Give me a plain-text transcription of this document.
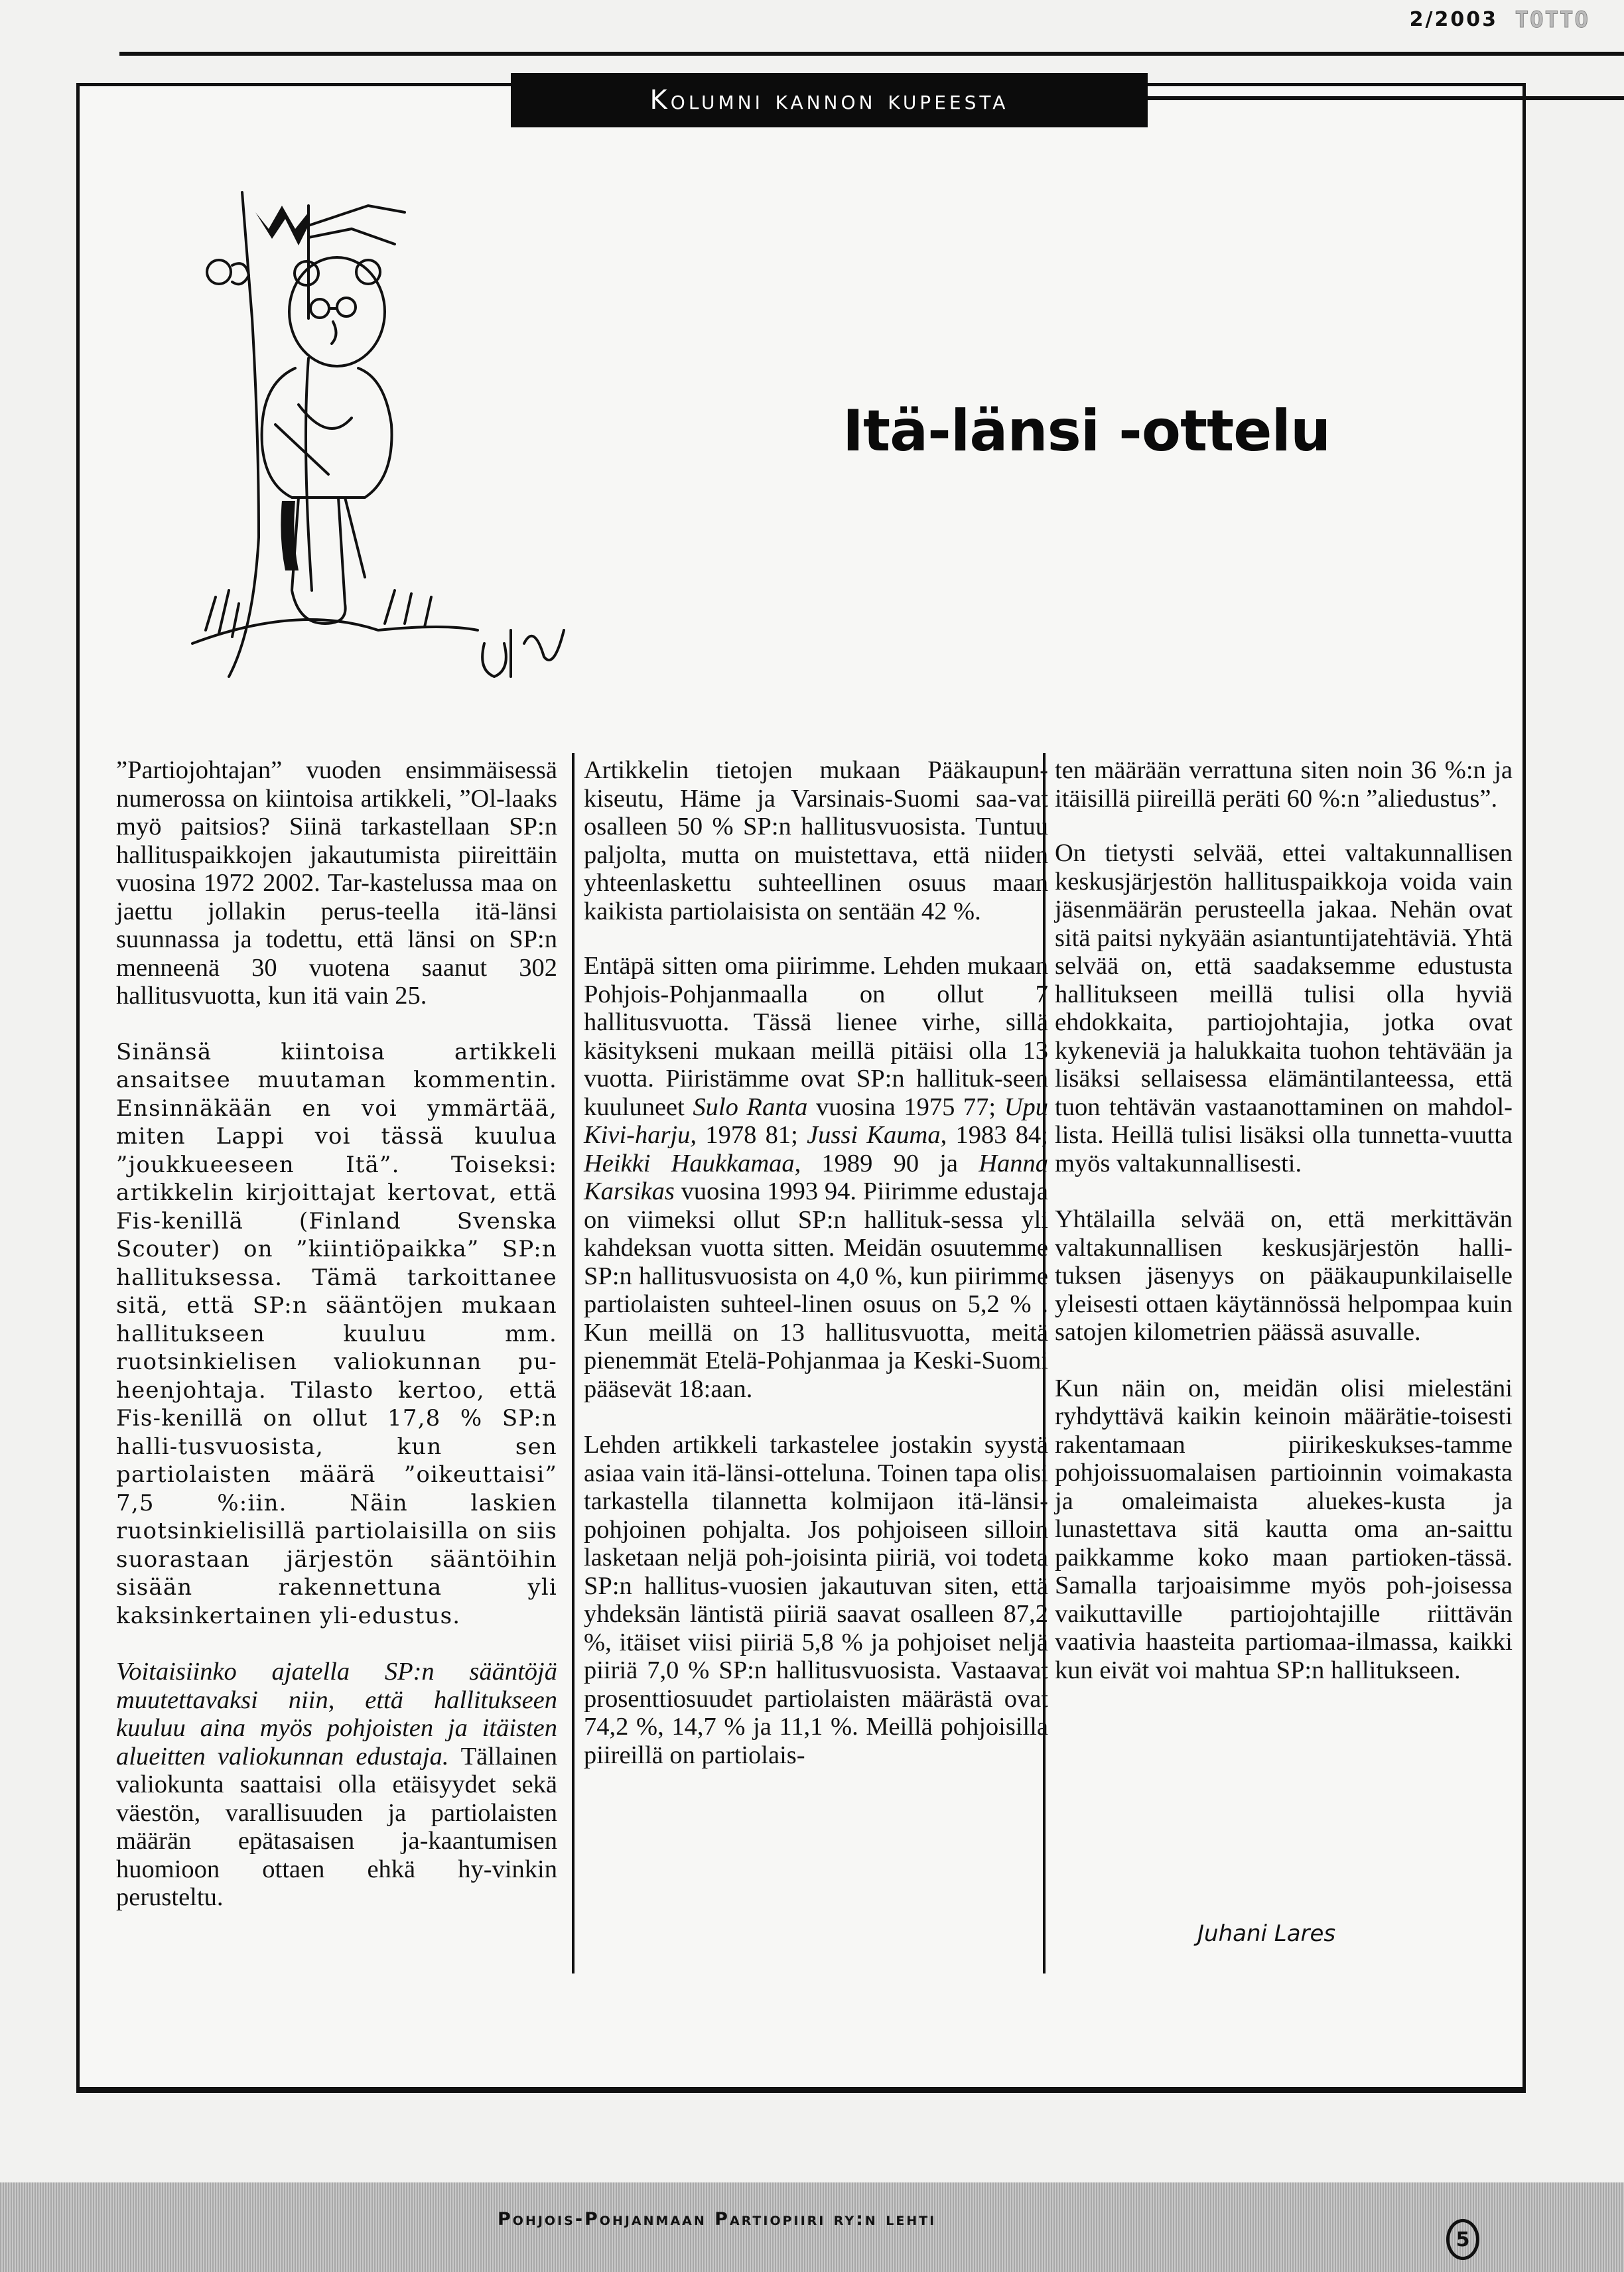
2/2003 TOTTO
Kolumni kannon kupeesta
Itä-länsi -ottelu

”Partiojohtajan” vuoden ensimmäisessä numerossa on kiintoisa artikkeli, ”Ol-laaks myö paitsios? Siinä tarkastellaan SP:n hallituspaikkojen jakautumista piireittäin vuosina 1972 2002. Tar-kastelussa maa on jaettu jollakin perus-teella itä-länsi suunnassa ja todettu, että länsi on SP:n menneenä 30 vuotena saanut 302 hallitusvuotta, kun itä vain 25.

Sinänsä kiintoisa artikkeli ansaitsee muutaman kommentin. Ensinnäkään en voi ymmärtää, miten Lappi voi tässä kuulua ”joukkueeseen Itä”. Toiseksi: artikkelin kirjoittajat kertovat, että Fis-kenillä (Finland Svenska Scouter) on ”kiintiöpaikka” SP:n hallituksessa. Tämä tarkoittanee sitä, että SP:n sääntöjen mukaan hallitukseen kuuluu mm. ruotsinkielisen valiokunnan pu-heenjohtaja. Tilasto kertoo, että Fis-kenillä on ollut 17,8 % SP:n halli-tusvuosista, kun sen partiolaisten määrä ”oikeuttaisi” 7,5 %:iin. Näin laskien ruotsinkielisillä partiolaisilla on siis suorastaan järjestön sääntöihin sisään rakennettuna yli kaksinkertainen yli-edustus.

Voitaisiinko ajatella SP:n sääntöjä muutettavaksi niin, että hallitukseen kuuluu aina myös pohjoisten ja itäisten alueitten valiokunnan edustaja. Tällainen valiokunta saattaisi olla etäisyydet sekä väestön, varallisuuden ja partiolaisten määrän epätasaisen ja-kaantumisen huomioon ottaen ehkä hy-vinkin perusteltu.

Artikkelin tietojen mukaan Pääkaupun-kiseutu, Häme ja Varsinais-Suomi saa-vat osalleen 50 % SP:n hallitusvuosista. Tuntuu paljolta, mutta on muistettava, että niiden yhteenlaskettu suhteellinen osuus maan kaikista partiolaisista on sentään 42 %.

Entäpä sitten oma piirimme. Lehden mukaan Pohjois-Pohjanmaalla on ollut 7 hallitusvuotta. Tässä lienee virhe, sillä käsitykseni mukaan meillä pitäisi olla 13 vuotta. Piiristämme ovat SP:n hallituk-seen kuuluneet Sulo Ranta vuosina 1975 77; Upu Kivi-harju, 1978 81; Jussi Kauma, 1983 84; Heikki Haukkamaa, 1989 90 ja Hanna Karsikas vuosina 1993 94. Piirimme edustaja on viimeksi ollut SP:n hallituk-sessa yli kahdeksan vuotta sitten. Meidän osuutemme SP:n hallitusvuosista on 4,0 %, kun piirimme partiolaisten suhteel-linen osuus on 5,2 % . Kun meillä on 13 hallitusvuotta, meitä pienemmät Etelä-Pohjanmaa ja Keski-Suomi pääsevät 18:aan.

Lehden artikkeli tarkastelee jostakin syystä asiaa vain itä-länsi-otteluna. Toinen tapa olisi tarkastella tilannetta kolmijaon itä-länsi-pohjoinen pohjalta. Jos pohjoiseen silloin lasketaan neljä poh-joisinta piiriä, voi todeta SP:n hallitus-vuosien jakautuvan siten, että yhdeksän läntistä piiriä saavat osalleen 87,2 %, itäiset viisi piiriä 5,8 % ja pohjoiset neljä piiriä 7,0 % SP:n hallitusvuosista. Vastaavat prosenttiosuudet partiolaisten määrästä ovat 74,2 %, 14,7 % ja 11,1 %. Meillä pohjoisilla piireillä on partiolais-

ten määrään verrattuna siten noin 36 %:n ja itäisillä piireillä peräti 60 %:n ”aliedustus”.

On tietysti selvää, ettei valtakunnallisen keskusjärjestön hallituspaikkoja voida vain jäsenmäärän perusteella jakaa. Nehän ovat sitä paitsi nykyään asiantuntijatehtäviä. Yhtä selvää on, että saadaksemme edustusta hallitukseen meillä tulisi olla hyviä ehdokkaita, partiojohtajia, jotka ovat kykeneviä ja halukkaita tuohon tehtävään ja lisäksi sellaisessa elämäntilanteessa, että tuon tehtävän vastaanottaminen on mahdol-lista. Heillä tulisi lisäksi olla tunnetta-vuutta myös valtakunnallisesti.

Yhtälailla selvää on, että merkittävän valtakunnallisen keskusjärjestön halli-tuksen jäsenyys on pääkaupunkilaiselle yleisesti ottaen käytännössä helpompaa kuin satojen kilometrien päässä asuvalle.

Kun näin on, meidän olisi mielestäni ryhdyttävä kaikin keinoin määrätie-toisesti rakentamaan piirikeskukses-tamme pohjoissuomalaisen partioinnin voimakasta ja omaleimaista aluekes-kusta ja lunastettava sitä kautta oma an-saittu paikkamme koko maan partioken-tässä. Samalla tarjoaisimme myös poh-joisessa vaikuttaville partiojohtajille riittävän vaativia haasteita partiomaa-ilmassa, kaikki kun eivät voi mahtua SP:n hallitukseen.

Juhani Lares
Pohjois-Pohjanmaan Partiopiiri ry:n lehti
5
